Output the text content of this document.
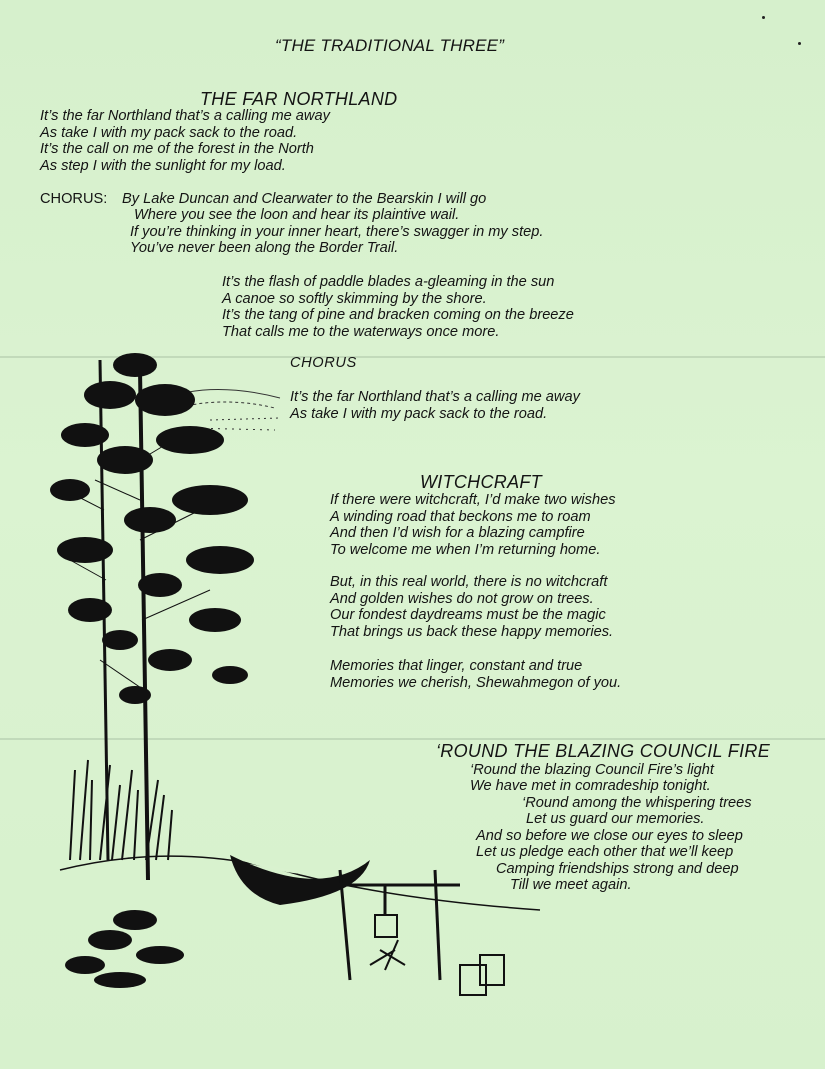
“THE TRADITIONAL THREE”
THE FAR NORTHLAND
It’s the far Northland that’s a calling me away
As take I with my pack sack to the road.
It’s the call on me of the forest in the North
As step I with the sunlight for my load.
CHORUS: By Lake Duncan and Clearwater to the Bearskin I will go
Where you see the loon and hear its plaintive wail.
If you’re thinking in your inner heart, there’s swagger in my step.
You’ve never been along the Border Trail.
It’s the flash of paddle blades a-gleaming in the sun
A canoe so softly skimming by the shore.
It’s the tang of pine and bracken coming on the breeze
That calls me to the waterways once more.
CHORUS
It’s the far Northland that’s a calling me away
As take I with my pack sack to the road.
WITCHCRAFT
If there were witchcraft, I’d make two wishes
A winding road that beckons me to roam
And then I’d wish for a blazing campfire
To welcome me when I’m returning home.
But, in this real world, there is no witchcraft
And golden wishes do not grow on trees.
Our fondest daydreams must be the magic
That brings us back these happy memories.
Memories that linger, constant and true
Memories we cherish, Shewahmegon of you.
‘ROUND THE BLAZING COUNCIL FIRE
‘Round the blazing Council Fire’s light
We have met in comradeship tonight.
‘Round among the whispering trees
Let us guard our memories.
And so before we close our eyes to sleep
Let us pledge each other that we’ll keep
Camping friendships strong and deep
Till we meet again.
